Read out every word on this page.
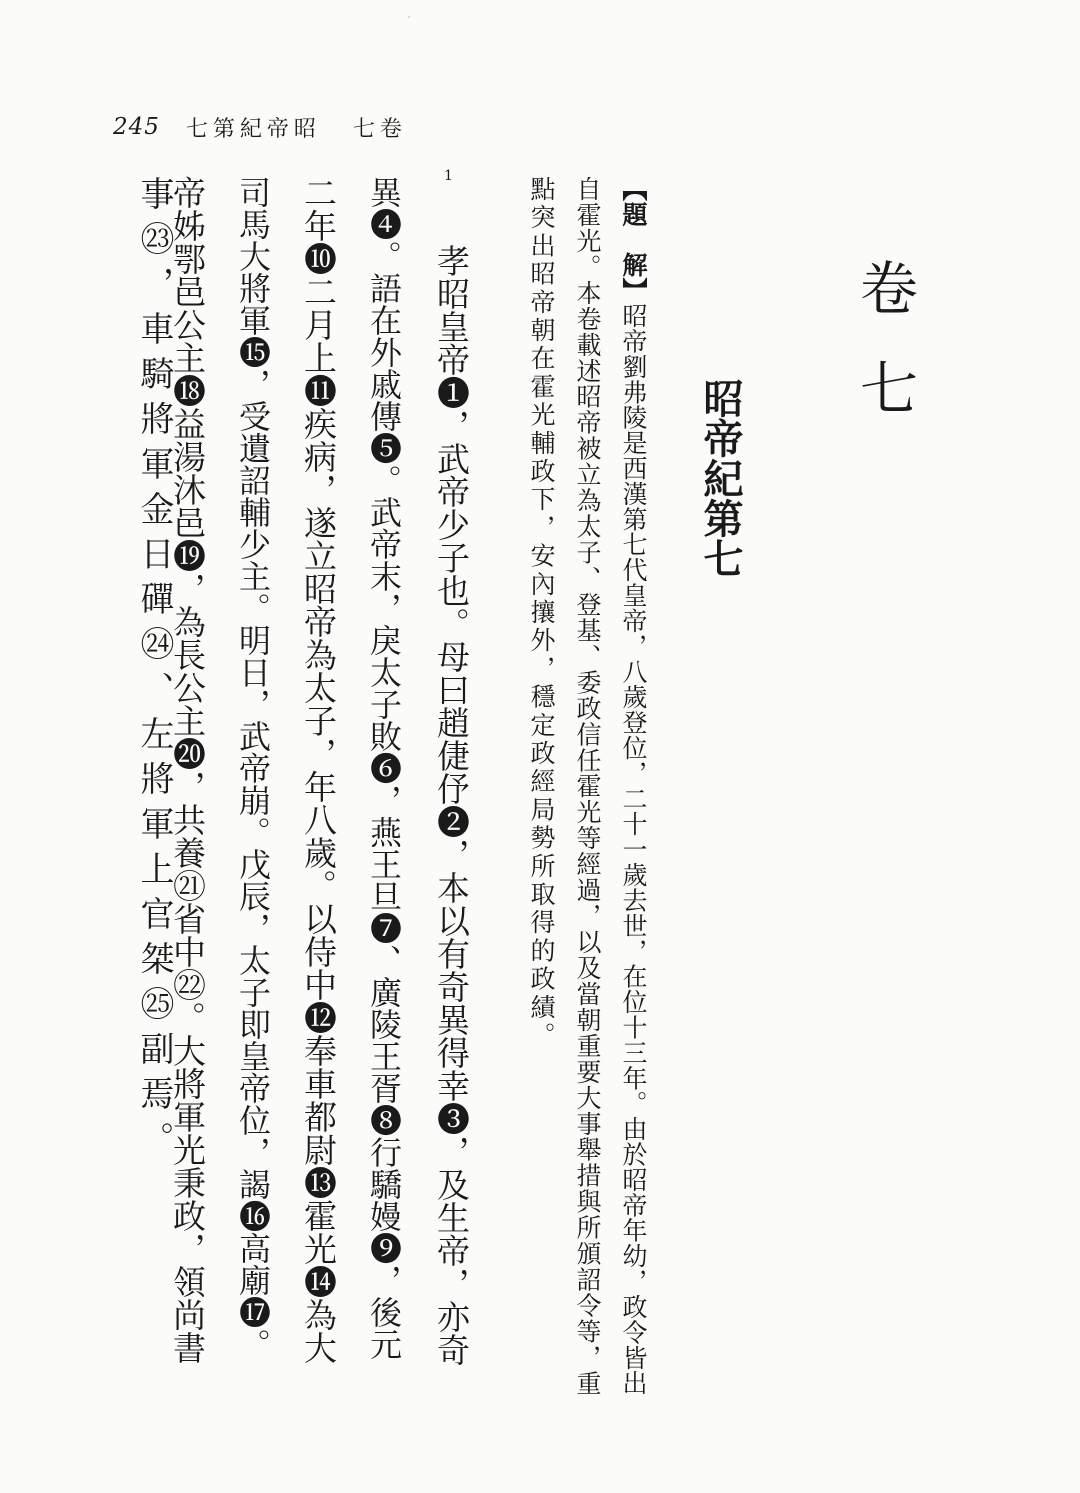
245 七第紀帝昭 七卷
卷七
昭帝紀第七
【題　解】昭帝劉弗陵是西漢第七代皇帝，八歲登位，二十一歲去世，在位十三年。由於昭帝年幼，政令皆出
自霍光。本卷載述昭帝被立為太子、登基、委政信任霍光等經過，以及當朝重要大事舉措與所頒詔令等，重
點突出昭帝朝在霍光輔政下，安內攘外，穩定政經局勢所取得的政績。
1
孝昭皇帝❶，武帝少子也。母曰趙倢伃❷，本以有奇異得幸❸，及生帝，亦奇
異❹。語在外戚傳❺。武帝末，戾太子敗❻，燕王旦❼、廣陵王胥❽行驕嫚❾，後元
二年❿二月上⓫疾病，遂立昭帝為太子，年八歲。以侍中⓬奉車都尉⓭霍光⓮為大
司馬大將軍⓯，受遺詔輔少主。明日，武帝崩。戊辰，太子即皇帝位，謁⓰高廟⓱。
帝姊鄂邑公主⓲益湯沐邑⓳，為長公主⓴，共養㉑省中㉒。大將軍光秉政，領尚書
事㉓，車騎將軍金日磾㉔、左將軍上官桀㉕副焉。
